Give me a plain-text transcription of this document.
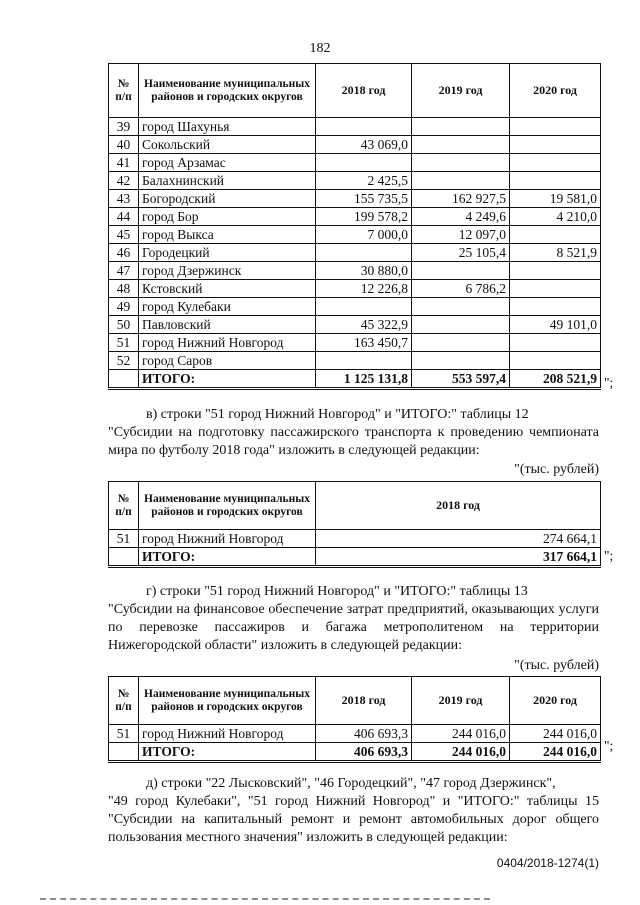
182
№ п/п	Наименование муниципальных районов и городских округов	2018 год	2019 год	2020 год
39	город Шахунья			
40	Сокольский	43 069,0		
41	город Арзамас			
42	Балахнинский	2 425,5		
43	Богородский	155 735,5	162 927,5	19 581,0
44	город Бор	199 578,2	4 249,6	4 210,0
45	город Выкса	7 000,0	12 097,0	
46	Городецкий		25 105,4	8 521,9
47	город Дзержинск	30 880,0		
48	Кстовский	12 226,8	6 786,2	
49	город Кулебаки			
50	Павловский	45 322,9		49 101,0
51	город Нижний Новгород	163 450,7		
52	город Саров			
	ИТОГО:	1 125 131,8	553 597,4	208 521,9 ";
в) строки "51 город Нижний Новгород" и "ИТОГО:" таблицы 12
"Субсидии на подготовку пассажирского транспорта к проведению чемпионата мира по футболу 2018 года" изложить в следующей редакции:
"(тыс. рублей)
№ п/п	Наименование муниципальных районов и городских округов	2018 год
51	город Нижний Новгород	274 664,1
	ИТОГО:	317 664,1 ";
г) строки "51 город Нижний Новгород" и "ИТОГО:" таблицы 13
"Субсидии на финансовое обеспечение затрат предприятий, оказывающих услуги по перевозке пассажиров и багажа метрополитеном на территории Нижегородской области" изложить в следующей редакции:
"(тыс. рублей)
№ п/п	Наименование муниципальных районов и городских округов	2018 год	2019 год	2020 год
51	город Нижний Новгород	406 693,3	244 016,0	244 016,0
	ИТОГО:	406 693,3	244 016,0	244 016,0 ";
д) строки "22 Лысковский", "46 Городецкий", "47 город Дзержинск",
"49 город Кулебаки", "51 город Нижний Новгород" и "ИТОГО:" таблицы 15 "Субсидии на капитальный ремонт и ремонт автомобильных дорог общего пользования местного значения" изложить в следующей редакции:
0404/2018-1274(1)
